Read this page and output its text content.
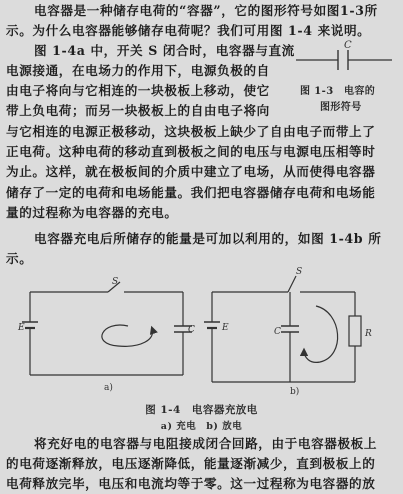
电容器是一种储存电荷的“容器”，它的图形符号如图1-3所
示。为什么电容器能够储存电荷呢？我们可用图 1-4 来说明。
图 1-4a 中，开关 S 闭合时，电容器与直流
电源接通，在电场力的作用下，电源负极的自
由电子将向与它相连的一块极板上移动，使它
带上负电荷；而另一块极板上的自由电子将向
与它相连的电源正极移动，这块极板上缺少了自由电子而带上了
正电荷。这种电荷的移动直到极板之间的电压与电源电压相等时
为止。这样，就在极板间的介质中建立了电场，从而使得电容器
储存了一定的电荷和电场能量。我们把电容器储存电荷和电场能
量的过程称为电容器的充电。
电容器充电后所储存的能量是可加以利用的，如图 1-4b 所
示。
C
图 1-3　电容的
图形符号
S
E	C
a)
S
E	C	R
b)
图 1-4　电容器充放电
a) 充电　b) 放电
将充好电的电容器与电阻接成闭合回路，由于电容器极板上
的电荷逐渐释放，电压逐渐降低，能量逐渐减少，直到极板上的
电荷释放完毕，电压和电流均等于零。这一过程称为电容器的放
